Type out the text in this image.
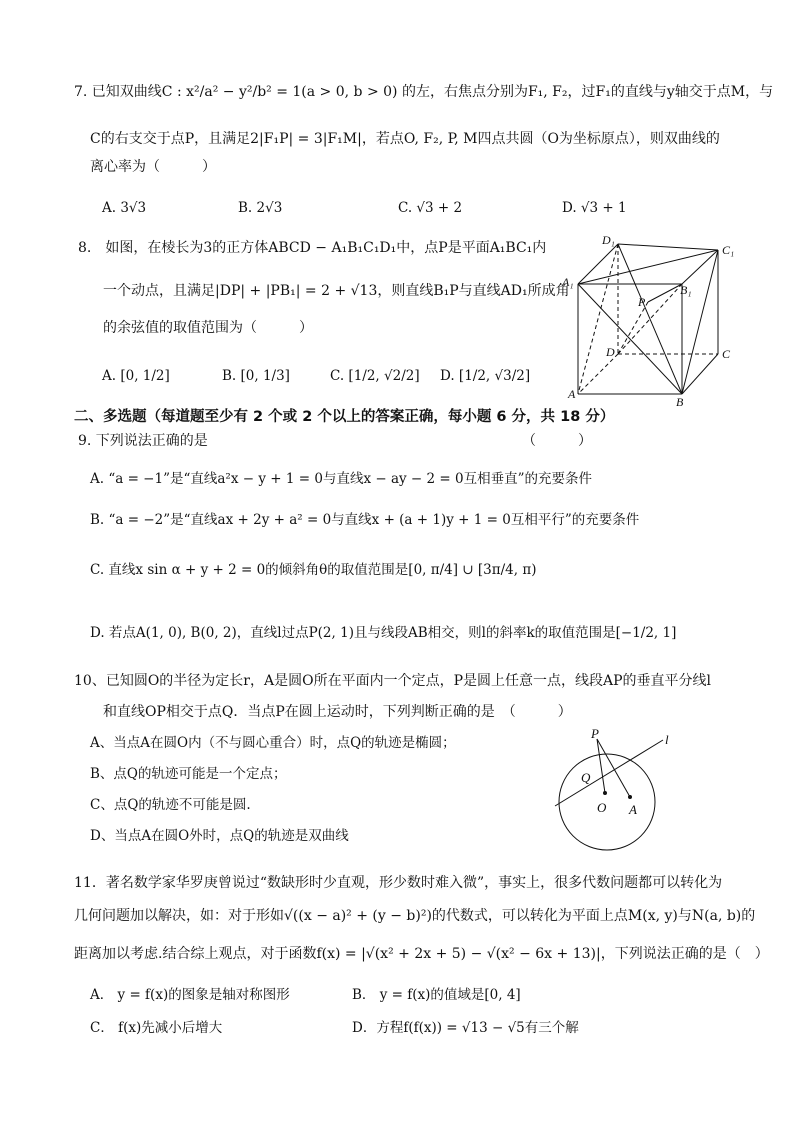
7. 已知双曲线C : x²/a² − y²/b² = 1(a > 0, b > 0) 的左，右焦点分别为F₁, F₂，过F₁的直线与y轴交于点M，与
C的右支交于点P，且满足2|F₁P| = 3|F₁M|，若点O, F₂, P, M四点共圆（O为坐标原点），则双曲线的
离心率为（　　　）
A. 3√3	B. 2√3	C. √3 + 2	D. √3 + 1
8.　如图，在棱长为3的正方体ABCD − A₁B₁C₁D₁中，点P是平面A₁BC₁内
一个动点，且满足|DP| + |PB₁| = 2 + √13，则直线B₁P与直线AD₁所成角
的余弦值的取值范围为（　　　）
A. [0, 1/2]	B. [0, 1/3]	C. [1/2, √2/2] D. [1/2, √3/2]
D₁
C₁
A₁
B₁
P
D	C
A
B
二、多选题（每道题至少有 2 个或 2 个以上的答案正确，每小题 6 分，共 18 分）
9. 下列说法正确的是	（　　　）
A. “a = −1”是“直线a²x − y + 1 = 0与直线x − ay − 2 = 0互相垂直”的充要条件
B. “a = −2”是“直线ax + 2y + a² = 0与直线x + (a + 1)y + 1 = 0互相平行”的充要条件
C. 直线x sin α + y + 2 = 0的倾斜角θ的取值范围是[0, π/4] ∪ [3π/4, π)
D. 若点A(1, 0), B(0, 2)，直线l过点P(2, 1)且与线段AB相交，则l的斜率k的取值范围是[−1/2, 1]
10、已知圆O的半径为定长r，A是圆O所在平面内一个定点，P是圆上任意一点，线段AP的垂直平分线l
和直线OP相交于点Q．当点P在圆上运动时，下列判断正确的是　（　　　）
A、当点A在圆O内（不与圆心重合）时，点Q的轨迹是椭圆；
B、点Q的轨迹可能是一个定点；
C、点Q的轨迹不可能是圆.
D、当点A在圆O外时，点Q的轨迹是双曲线
P	l
Q
O A
11．著名数学家华罗庚曾说过“数缺形时少直观，形少数时难入微”，事实上，很多代数问题都可以转化为
几何问题加以解决，如：对于形如√((x − a)² + (y − b)²)的代数式，可以转化为平面上点M(x, y)与N(a, b)的
距离加以考虑.结合综上观点，对于函数f(x) = |√(x² + 2x + 5) − √(x² − 6x + 13)|，下列说法正确的是（　）
A． y = f(x)的图象是轴对称图形	B． y = f(x)的值域是[0, 4]
C． f(x)先减小后增大	D．方程f(f(x)) = √13 − √5有三个解
